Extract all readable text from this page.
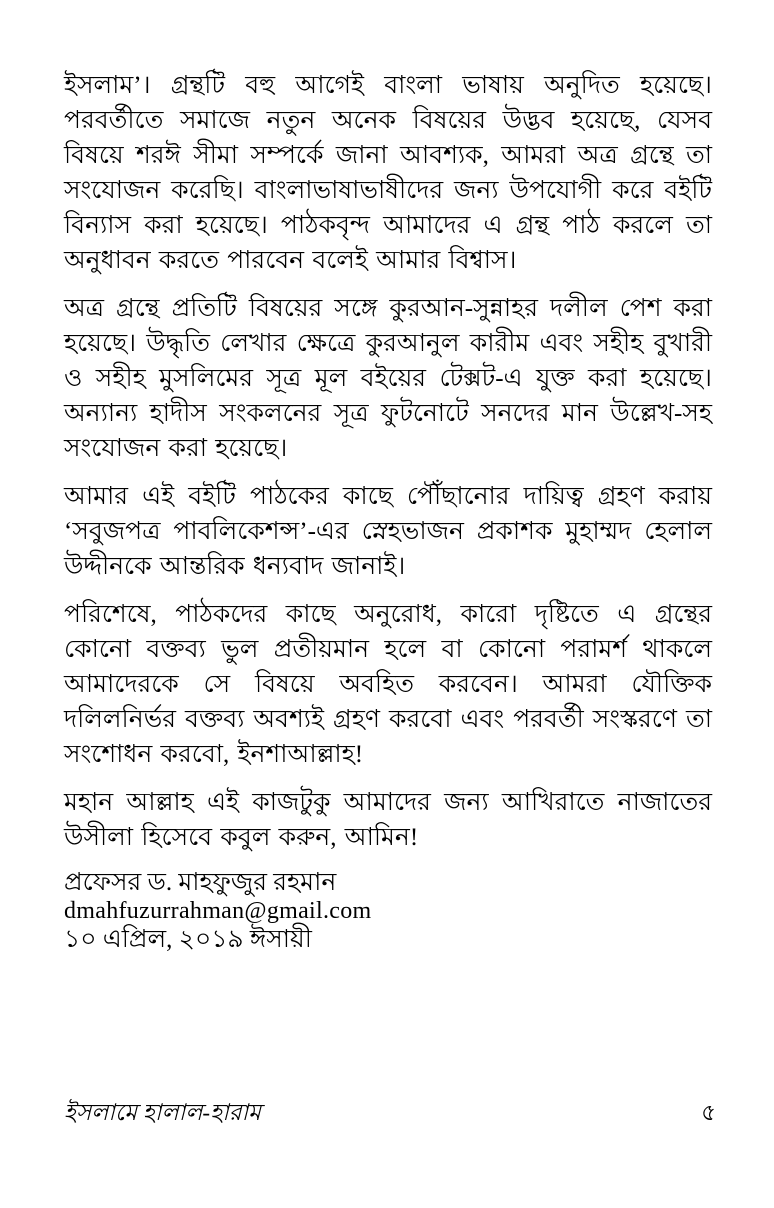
ইসলাম’। গ্রন্থটি বহু আগেই বাংলা ভাষায় অনুদিত হয়েছে। পরবর্তীতে সমাজে নতুন অনেক বিষয়ের উদ্ভব হয়েছে, যেসব বিষয়ে শরঈ সীমা সম্পর্কে জানা আবশ্যক, আমরা অত্র গ্রন্থে তা সংযোজন করেছি। বাংলাভাষাভাষীদের জন্য উপযোগী করে বইটি বিন্যাস করা হয়েছে। পাঠকবৃন্দ আমাদের এ গ্রন্থ পাঠ করলে তা অনুধাবন করতে পারবেন বলেই আমার বিশ্বাস।

অত্র গ্রন্থে প্রতিটি বিষয়ের সঙ্গে কুরআন-সুন্নাহর দলীল পেশ করা হয়েছে। উদ্ধৃতি লেখার ক্ষেত্রে কুরআনুল কারীম এবং সহীহ বুখারী ও সহীহ মুসলিমের সূত্র মূল বইয়ের টেক্সট-এ যুক্ত করা হয়েছে। অন্যান্য হাদীস সংকলনের সূত্র ফুটনোটে সনদের মান উল্লেখ-সহ সংযোজন করা হয়েছে।

আমার এই বইটি পাঠকের কাছে পৌঁছানোর দায়িত্ব গ্রহণ করায় ‘সবুজপত্র পাবলিকেশন্স’-এর স্নেহভাজন প্রকাশক মুহাম্মদ হেলাল উদ্দীনকে আন্তরিক ধন্যবাদ জানাই।

পরিশেষে, পাঠকদের কাছে অনুরোধ, কারো দৃষ্টিতে এ গ্রন্থের কোনো বক্তব্য ভুল প্রতীয়মান হলে বা কোনো পরামর্শ থাকলে আমাদেরকে সে বিষয়ে অবহিত করবেন। আমরা যৌক্তিক দলিলনির্ভর বক্তব্য অবশ্যই গ্রহণ করবো এবং পরবর্তী সংস্করণে তা সংশোধন করবো, ইনশাআল্লাহ!

মহান আল্লাহ এই কাজটুকু আমাদের জন্য আখিরাতে নাজাতের উসীলা হিসেবে কবুল করুন, আমিন!

প্রফেসর ড. মাহফুজুর রহমান

dmahfuzurrahman@gmail.com

১০ এপ্রিল, ২০১৯ ঈসায়ী

ইসলামে হালাল-হারাম	৫
